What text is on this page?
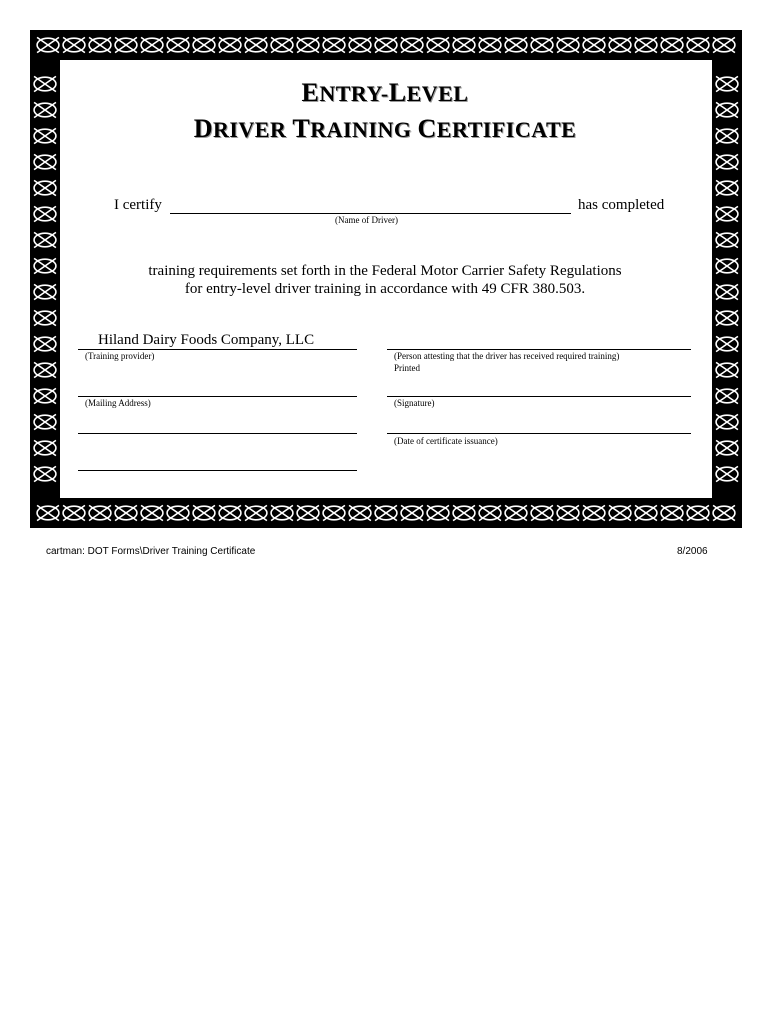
ENTRY-LEVEL
DRIVER TRAINING CERTIFICATE
I certify	has completed
(Name of Driver)
training requirements set forth in the Federal Motor Carrier Safety Regulations
for entry-level driver training in accordance with 49 CFR 380.503.
Hiland Dairy Foods Company, LLC
(Training provider)
(Mailing Address)
(Person attesting that the driver has received required training)
Printed
(Signature)
(Date of certificate issuance)
cartman: DOT Forms\Driver Training Certificate	8/2006
